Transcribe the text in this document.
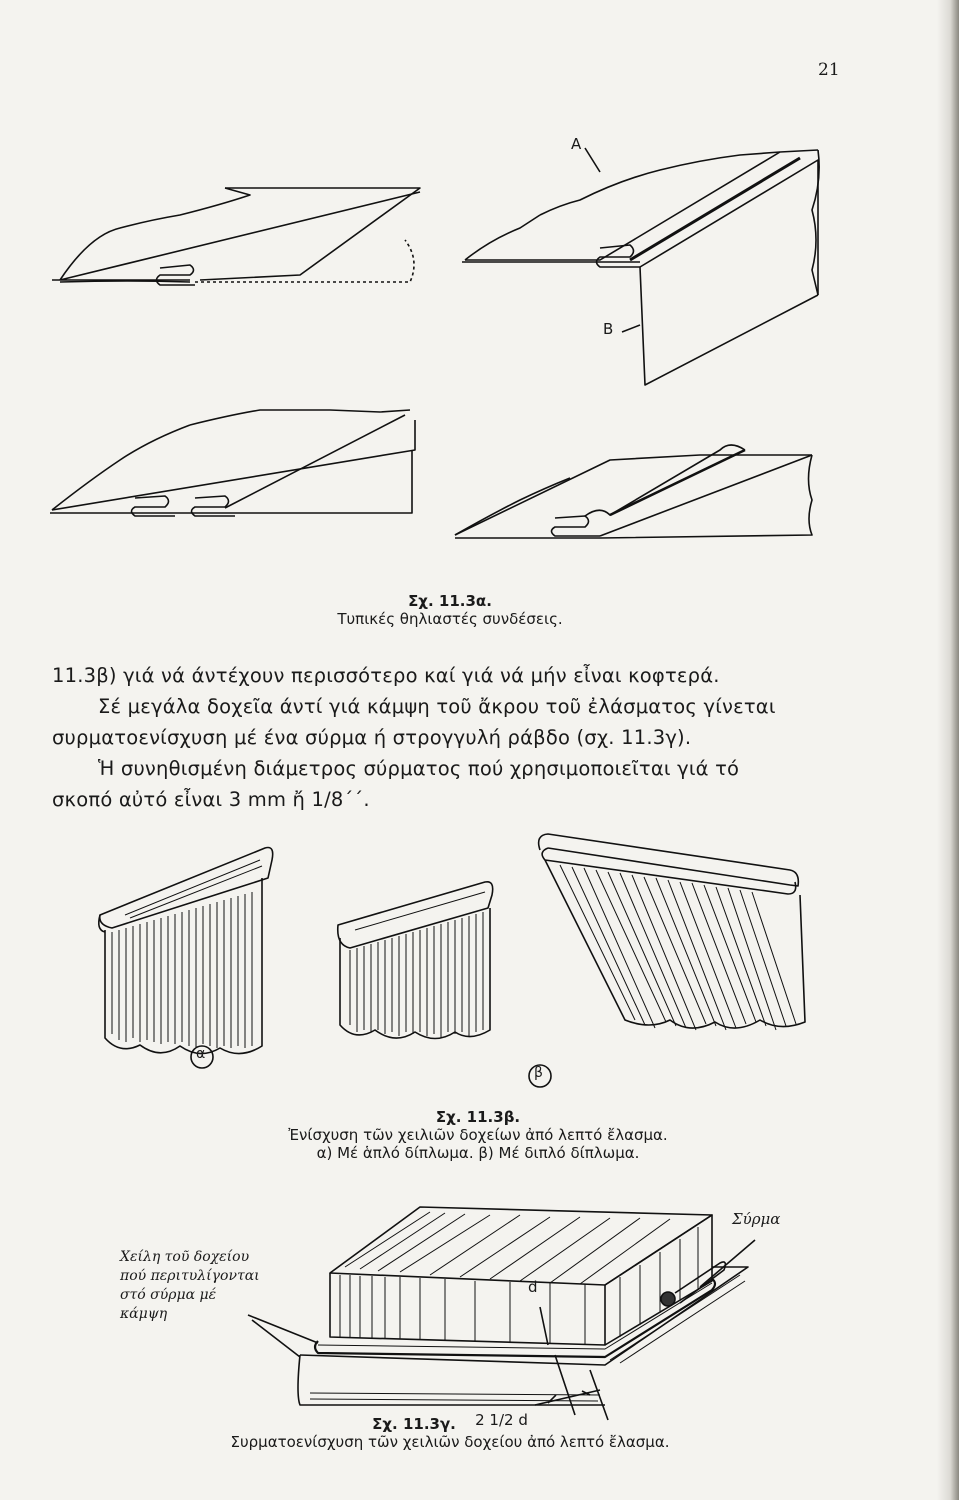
21
A
B
Σχ. 11.3α.
Τυπικές θηλιαστές συνδέσεις.

11.3β) γιά νά άντέχουν περισσότερο καί γιά νά μήν εἶναι κοφτερά.

Σέ μεγάλα δοχεῖα άντί γιά κάμψη τοῦ ἄκρου τοῦ ἐλάσματος γίνεται

συρματοενίσχυση μέ ένα σύρμα ή στρογγυλή ράβδο (σχ. 11.3γ).

Ἡ συνηθισμένη διάμετρος σύρματος πού χρησιμοποιεῖται γιά τό

σκοπό αὐτό εἶναι 3 mm ἤ 1/8΄΄.

α
β
Σχ. 11.3β.
Ἐνίσχυση τῶν χειλιῶν δοχείων ἀπό λεπτό ἔλασμα.
α) Μέ ἁπλό δίπλωμα. β) Μέ διπλό δίπλωμα.
Σύρμα
Χείλη τοῦ δοχείου
πού περιτυλίγονται
στό σύρμα μέ
κάμψη
d
Σχ. 11.3γ. 2 1/2 d
Συρματοενίσχυση τῶν χειλιῶν δοχείου ἀπό λεπτό ἔλασμα.
